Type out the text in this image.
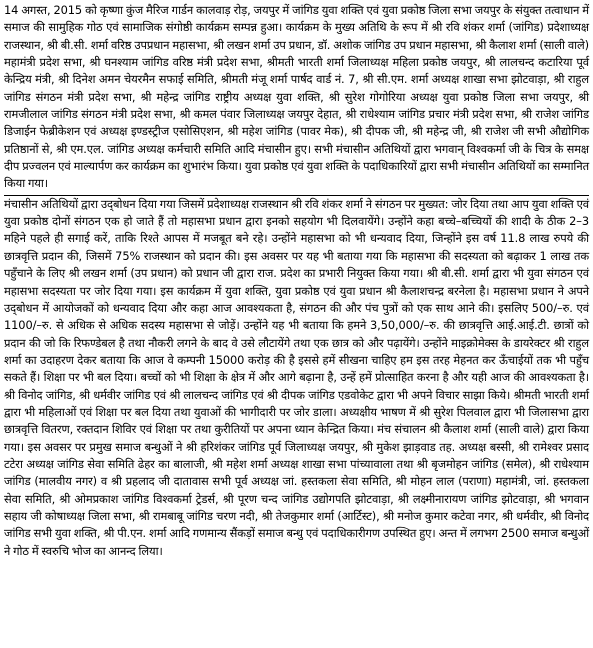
14 अगस्त, 2015 को कृष्णा कुंज मैरिज गार्डन कालवाड़ रोड़, जयपुर में जांगिड युवा शक्ति एवं युवा प्रकोष्ठ जिला सभा जयपुर के संयुक्त तत्वाधान में समाज की सामुहिक गोठ एवं सामाजिक संगोष्ठी कार्यक्रम सम्पन्न हुआ। कार्यक्रम के मुख्य अतिथि के रूप में श्री रवि शंकर शर्मा (जांगिड) प्रदेशाध्यक्ष राजस्थान, श्री बी.सी. शर्मा वरिष्ठ उपप्रधान महासभा, श्री लखन शर्मा उप प्रधान, डॉ. अशोक जांगिड उप प्रधान महासभा, श्री कैलाश शर्मा (साली वाले) महामंत्री प्रदेश सभा, श्री घनश्याम जांगिड वरिष्ठ मंत्री प्रदेश सभा, श्रीमती भारती शर्मा जिलाध्यक्ष महिला प्रकोष्ठ जयपुर, श्री लालचन्द कटारिया पूर्व केन्द्रिय मंत्री, श्री दिनेश अमन चेयरमैन सफाई समिति, श्रीमती मंजू शर्मा पार्षद वार्ड नं. 7, श्री सी.एम. शर्मा अध्यक्ष शाखा सभा झोटवाड़ा, श्री राहुल जांगिड संगठन मंत्री प्रदेश सभा, श्री महेन्द्र जांगिड राष्ट्रीय अध्यक्ष युवा शक्ति, श्री सुरेश गोगोरिया अध्यक्ष युवा प्रकोष्ठ जिला सभा जयपुर, श्री रामजीलाल जांगिड संगठन मंत्री प्रदेश सभा, श्री कमल पंवार जिलाध्यक्ष जयपुर देहात, श्री राधेश्याम जांगिड प्रचार मंत्री प्रदेश सभा, श्री राजेश जांगिड डिजाईन फेब्रीकेशन एवं अध्यक्ष इण्डस्ट्रीज एसोसिएशन, श्री महेश जांगिड (पावर मेक), श्री दीपक जी, श्री महेन्द्र जी, श्री राजेश जी सभी औद्योगिक प्रतिष्ठानों से, श्री एम.एल. जांगिड अध्यक्ष कर्मचारी समिति आदि मंचासीन हुए। सभी मंचासीन अतिथियों द्वारा भगवान् विश्वकर्मा जी के चित्र के समक्ष दीप प्रज्वलन एवं माल्यार्पण कर कार्यक्रम का शुभारंभ किया। युवा प्रकोष्ठ एवं युवा शक्ति के पदाधिकारियों द्वारा सभी मंचासीन अतिथियों का सम्मानित किया गया।

मंचासीन अतिथियों द्वारा उद्‌बोधन दिया गया जिसमें प्रदेशाध्यक्ष राजस्थान श्री रवि शंकर शर्मा ने संगठन पर मुख्यत: जोर दिया तथा आप युवा शक्ति एवं युवा प्रकोष्ठ दोनों संगठन एक हो जाते हैं तो महासभा प्रधान द्वारा इनको सहयोग भी दिलवायेंगे। उन्होंने कहा बच्चे–बच्चियों की शादी के ठीक 2–3 महिने पहले ही सगाई करें, ताकि रिश्ते आपस में मजबूत बने रहे। उन्होंने महासभा को भी धन्यवाद दिया, जिन्होंने इस वर्ष 11.8 लाख रुपये की छात्रवृत्ति प्रदान की, जिसमें 75% राजस्थान को प्रदान की। इस अवसर पर यह भी बताया गया कि महासभा की सदस्यता को बढ़ाकर 1 लाख तक पहुँचाने के लिए श्री लखन शर्मा (उप प्रधान) को प्रधान जी द्वारा राज. प्रदेश का प्रभारी नियुक्त किया गया। श्री बी.सी. शर्मा द्वारा भी युवा संगठन एवं महासभा सदस्यता पर जोर दिया गया। इस कार्यक्रम में युवा शक्ति, युवा प्रकोष्ठ एवं युवा प्रधान श्री कैलाशचन्द्र बरनेला है। महासभा प्रधान ने अपने उद्‌बोधन में आयोजकों को धन्यवाद दिया और कहा आज आवश्यकता है, संगठन की और पंच पुत्रों को एक साथ आने की। इसलिए 500/–रु. एवं 1100/–रु. से अधिक से अधिक सदस्य महासभा से जोड़ें। उन्होंने यह भी बताया कि हमने 3,50,000/–रु. की छात्रवृत्ति आई.आई.टी. छात्रों को प्रदान की जो कि रिफण्डेबल है तथा नौकरी लगने के बाद वे उसे लौटायेंगे तथा एक छात्र को और पढ़ायेंगे। उन्होंने माइक्रोमेक्स के डायरेक्टर श्री राहुल शर्मा का उदाहरण देकर बताया कि आज वे कम्पनी 15000 करोड़ की है इससे हमें सीखना चाहिए हम इस तरह मेहनत कर ऊँचाईयों तक भी पहुँच सकते हैं। शिक्षा पर भी बल दिया। बच्चों को भी शिक्षा के क्षेत्र में और आगे बढ़ाना है, उन्हें हमें प्रोत्साहित करना है और यही आज की आवश्यकता है। श्री विनोद जांगिड, श्री धर्मवीर जांगिड एवं श्री लालचन्द जांगिड एवं श्री दीपक जांगिड एडवोकेट द्वारा भी अपने विचार साझा किये। श्रीमती भारती शर्मा द्वारा भी महिलाओं एवं शिक्षा पर बल दिया तथा युवाओं की भागीदारी पर जोर डाला। अध्यक्षीय भाषण में श्री सुरेश पिलवाल द्वारा भी जिलासभा द्वारा छात्रवृत्ति वितरण, रक्तदान शिविर एवं शिक्षा पर तथा कुरीतियों पर अपना ध्यान केन्द्रित किया। मंच संचालन श्री कैलाश शर्मा (साली वाले) द्वारा किया गया। इस अवसर पर प्रमुख समाज बन्धुओं ने श्री हरिशंकर जांगिड पूर्व जिलाध्यक्ष जयपुर, श्री मुकेश झाड़वाड तह. अध्यक्ष बस्सी, श्री रामेश्वर प्रसाद टटेरा अध्यक्ष जांगिड सेवा समिति ढेहर का बालाजी, श्री महेश शर्मा अध्यक्ष शाखा सभा पांच्यावाला तथा श्री बृजमोहन जांगिड (समेल), श्री राधेश्याम जांगिड (मालवीय नगर) व श्री प्रहलाद जी दातावास सभी पूर्व अध्यक्ष जां. हस्तकला सेवा समिति, श्री मोहन लाल (पराणा) महामंत्री, जां. हस्तकला सेवा समिति, श्री ओमप्रकाश जांगिड विश्वकर्मा ट्रेडर्स, श्री पूरण चन्द जांगिड उद्योगपति झोटवाड़ा, श्री लक्ष्मीनारायण जांगिड झोटवाड़ा, श्री भगवान सहाय जी कोषाध्यक्ष जिला सभा, श्री रामबाबू जांगिड चरण नदी, श्री तेजकुमार शर्मा (आर्टिस्ट), श्री मनोज कुमार कटेवा नगर, श्री धर्मवीर, श्री विनोद जांगिड सभी युवा शक्ति, श्री पी.एन. शर्मा आदि गणमान्य सैंकड़ों समाज बन्धु एवं पदाधिकारीगण उपस्थित हुए। अन्त में लगभग 2500 समाज बन्धुओं ने गोठ में स्वरुचि भोज का आनन्द लिया।
